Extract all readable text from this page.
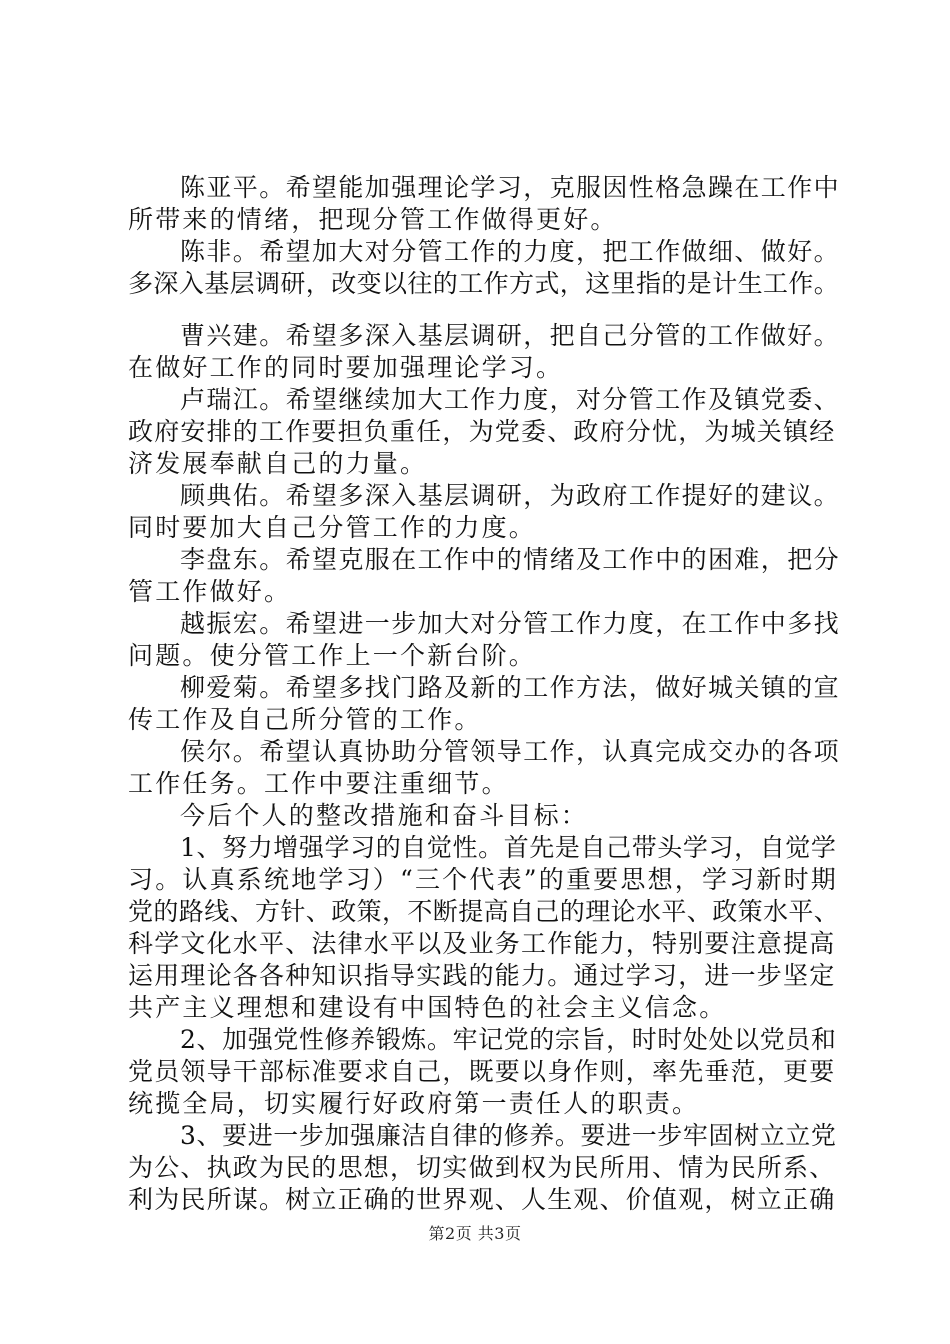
陈亚平。希望能加强理论学习，克服因性格急躁在工作中
所带来的情绪，把现分管工作做得更好。
陈非。希望加大对分管工作的力度，把工作做细、做好。
多深入基层调研，改变以往的工作方式，这里指的是计生工作。
曹兴建。希望多深入基层调研，把自己分管的工作做好。
在做好工作的同时要加强理论学习。
卢瑞江。希望继续加大工作力度，对分管工作及镇党委、
政府安排的工作要担负重任，为党委、政府分忧，为城关镇经
济发展奉献自己的力量。
顾典佑。希望多深入基层调研，为政府工作提好的建议。
同时要加大自己分管工作的力度。
李盘东。希望克服在工作中的情绪及工作中的困难，把分
管工作做好。
越振宏。希望进一步加大对分管工作力度，在工作中多找
问题。使分管工作上一个新台阶。
柳爱菊。希望多找门路及新的工作方法，做好城关镇的宣
传工作及自己所分管的工作。
侯尔。希望认真协助分管领导工作，认真完成交办的各项
工作任务。工作中要注重细节。
今后个人的整改措施和奋斗目标：
1、努力增强学习的自觉性。首先是自己带头学习，自觉学
习。认真系统地学习）“三个代表”的重要思想，学习新时期
党的路线、方针、政策，不断提高自己的理论水平、政策水平、
科学文化水平、法律水平以及业务工作能力，特别要注意提高
运用理论各各种知识指导实践的能力。通过学习，进一步坚定
共产主义理想和建设有中国特色的社会主义信念。
2、加强党性修养锻炼。牢记党的宗旨，时时处处以党员和
党员领导干部标准要求自己，既要以身作则，率先垂范，更要
统揽全局，切实履行好政府第一责任人的职责。
3、要进一步加强廉洁自律的修养。要进一步牢固树立立党
为公、执政为民的思想，切实做到权为民所用、情为民所系、
利为民所谋。树立正确的世界观、人生观、价值观，树立正确
第2页 共3页
